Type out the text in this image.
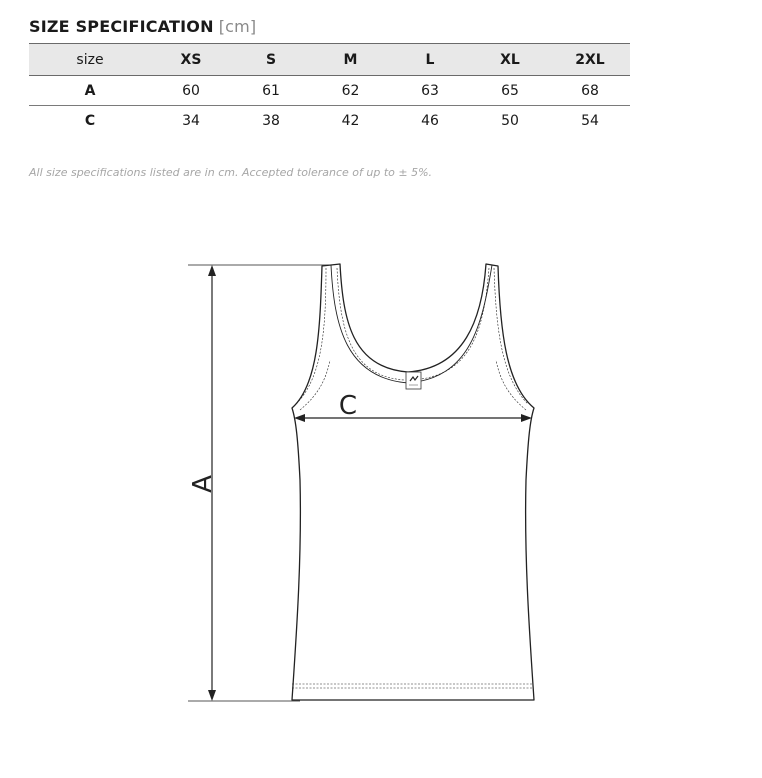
SIZE SPECIFICATION [cm]
size	XS	S	M	L	XL	2XL
A	60	61	62	63	65	68
C	34	38	42	46	50	54
All size specifications listed are in cm. Accepted tolerance of up to ± 5%.
A
C
